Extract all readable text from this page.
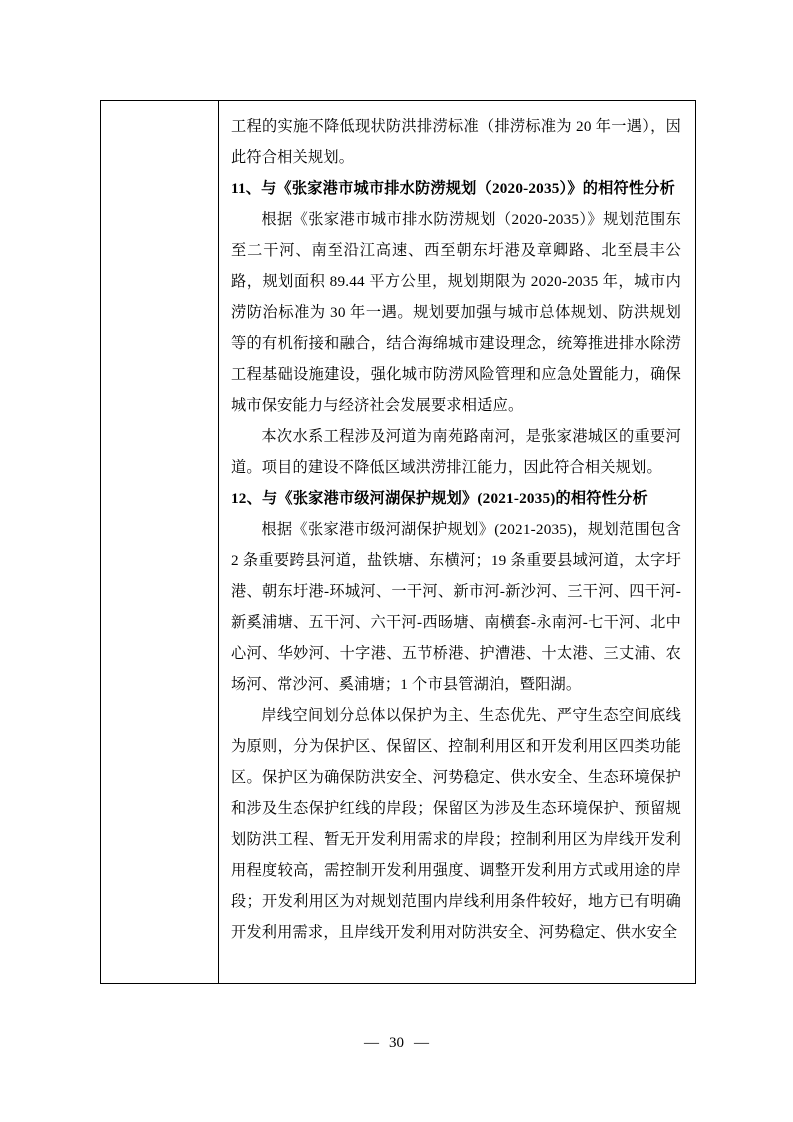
工程的实施不降低现状防洪排涝标准（排涝标准为 20 年一遇），因此符合相关规划。

11、与《张家港市城市排水防涝规划（2020-2035）》的相符性分析

根据《张家港市城市排水防涝规划（2020-2035）》规划范围东至二干河、南至沿江高速、西至朝东圩港及章卿路、北至晨丰公路，规划面积 89.44 平方公里，规划期限为 2020-2035 年，城市内涝防治标准为 30 年一遇。规划要加强与城市总体规划、防洪规划等的有机衔接和融合，结合海绵城市建设理念，统筹推进排水除涝工程基础设施建设，强化城市防涝风险管理和应急处置能力，确保城市保安能力与经济社会发展要求相适应。

本次水系工程涉及河道为南苑路南河，是张家港城区的重要河道。项目的建设不降低区域洪涝排江能力，因此符合相关规划。

12、与《张家港市级河湖保护规划》(2021-2035)的相符性分析

根据《张家港市级河湖保护规划》(2021-2035)，规划范围包含 2 条重要跨县河道，盐铁塘、东横河；19 条重要县域河道，太字圩港、朝东圩港-环城河、一干河、新市河-新沙河、三干河、四干河-新奚浦塘、五干河、六干河-西旸塘、南横套-永南河-七干河、北中心河、华妙河、十字港、五节桥港、护漕港、十太港、三丈浦、农场河、常沙河、奚浦塘；1 个市县管湖泊，暨阳湖。

岸线空间划分总体以保护为主、生态优先、严守生态空间底线为原则，分为保护区、保留区、控制利用区和开发利用区四类功能区。保护区为确保防洪安全、河势稳定、供水安全、生态环境保护和涉及生态保护红线的岸段；保留区为涉及生态环境保护、预留规划防洪工程、暂无开发利用需求的岸段；控制利用区为岸线开发利用程度较高，需控制开发利用强度、调整开发利用方式或用途的岸段；开发利用区为对规划范围内岸线利用条件较好，地方已有明确开发利用需求，且岸线开发利用对防洪安全、河势稳定、供水安全

— 30 —
